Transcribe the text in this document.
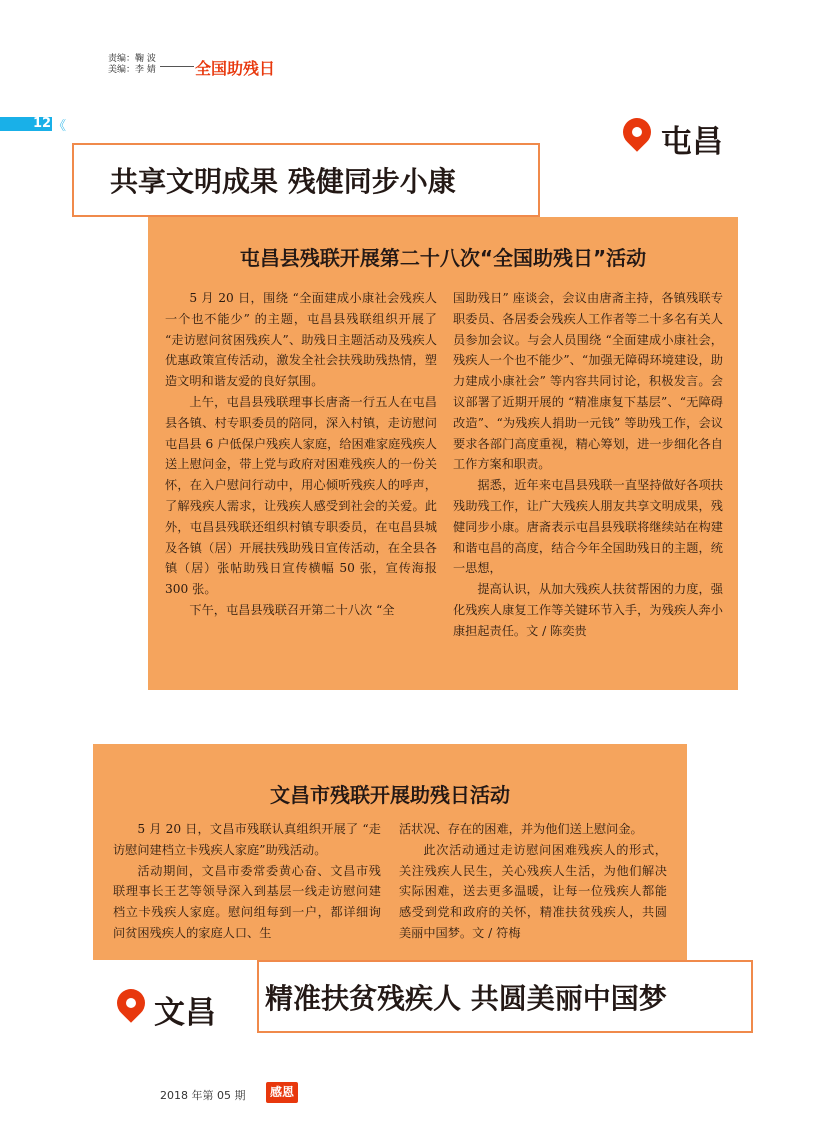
责编：鞠 波
美编：李 婧 全国助残日
12 《	屯昌
屯昌县残联开展第二十八次“全国助残日”活动

5 月 20 日，围绕 “全面建成小康社会残疾人一个也不能少” 的主题，屯昌县残联组织开展了 “走访慰问贫困残疾人”、助残日主题活动及残疾人优惠政策宣传活动，激发全社会扶残助残热情，塑造文明和谐友爱的良好氛围。

上午，屯昌县残联理事长唐斋一行五人在屯昌县各镇、村专职委员的陪同，深入村镇，走访慰问屯昌县 6 户低保户残疾人家庭，给困难家庭残疾人送上慰问金，带上党与政府对困难残疾人的一份关怀，在入户慰问行动中，用心倾听残疾人的呼声，了解残疾人需求，让残疾人感受到社会的关爱。此外，屯昌县残联还组织村镇专职委员，在屯昌县城及各镇（居）开展扶残助残日宣传活动，在全县各镇（居）张帖助残日宣传横幅 50 张，宣传海报 300 张。

下午，屯昌县残联召开第二十八次 “全

国助残日” 座谈会，会议由唐斋主持，各镇残联专职委员、各居委会残疾人工作者等二十多名有关人员参加会议。与会人员围绕 “全面建成小康社会，残疾人一个也不能少”、“加强无障碍环境建设，助力建成小康社会” 等内容共同讨论，积极发言。会议部署了近期开展的 “精准康复下基层”、“无障碍改造”、“为残疾人捐助一元钱” 等助残工作，会议要求各部门高度重视，精心筹划，进一步细化各自工作方案和职责。

据悉，近年来屯昌县残联一直坚持做好各项扶残助残工作，让广大残疾人朋友共享文明成果，残健同步小康。唐斋表示屯昌县残联将继续站在构建和谐屯昌的高度，结合今年全国助残日的主题，统一思想，

提高认识，从加大残疾人扶贫帮困的力度，强化残疾人康复工作等关键环节入手，为残疾人奔小康担起责任。文 / 陈奕贵

共享文明成果 残健同步小康
文昌市残联开展助残日活动

5 月 20 日，文昌市残联认真组织开展了 “走访慰问建档立卡残疾人家庭”助残活动。

活动期间，文昌市委常委黄心奋、文昌市残联理事长王艺等领导深入到基层一线走访慰问建档立卡残疾人家庭。慰问组每到一户，都详细询问贫困残疾人的家庭人口、生

活状况、存在的困难，并为他们送上慰问金。

此次活动通过走访慰问困难残疾人的形式，关注残疾人民生，关心残疾人生活，为他们解决实际困难，送去更多温暖，让每一位残疾人都能感受到党和政府的关怀，精准扶贫残疾人，共圆美丽中国梦。文 / 符梅

精准扶贫残疾人 共圆美丽中国梦
文昌
2018 年第 05 期	感恩
